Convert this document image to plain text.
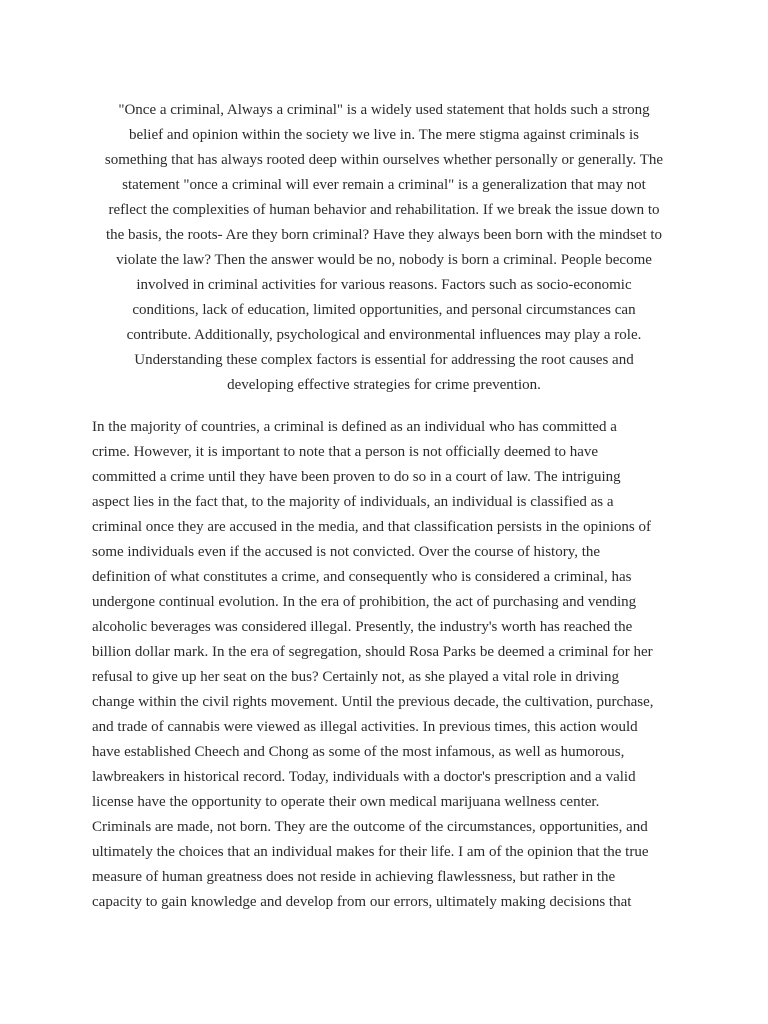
"Once a criminal, Always a criminal" is a widely used statement that holds such a strong
belief and opinion within the society we live in. The mere stigma against criminals is
something that has always rooted deep within ourselves whether personally or generally. The
statement "once a criminal will ever remain a criminal" is a generalization that may not
reflect the complexities of human behavior and rehabilitation. If we break the issue down to
the basis, the roots- Are they born criminal? Have they always been born with the mindset to
violate the law? Then the answer would be no, nobody is born a criminal. People become
involved in criminal activities for various reasons. Factors such as socio-economic
conditions, lack of education, limited opportunities, and personal circumstances can
contribute. Additionally, psychological and environmental influences may play a role.
Understanding these complex factors is essential for addressing the root causes and
developing effective strategies for crime prevention.
In the majority of countries, a criminal is defined as an individual who has committed a
crime. However, it is important to note that a person is not officially deemed to have
committed a crime until they have been proven to do so in a court of law. The intriguing
aspect lies in the fact that, to the majority of individuals, an individual is classified as a
criminal once they are accused in the media, and that classification persists in the opinions of
some individuals even if the accused is not convicted. Over the course of history, the
definition of what constitutes a crime, and consequently who is considered a criminal, has
undergone continual evolution. In the era of prohibition, the act of purchasing and vending
alcoholic beverages was considered illegal. Presently, the industry's worth has reached the
billion dollar mark. In the era of segregation, should Rosa Parks be deemed a criminal for her
refusal to give up her seat on the bus? Certainly not, as she played a vital role in driving
change within the civil rights movement. Until the previous decade, the cultivation, purchase,
and trade of cannabis were viewed as illegal activities. In previous times, this action would
have established Cheech and Chong as some of the most infamous, as well as humorous,
lawbreakers in historical record. Today, individuals with a doctor's prescription and a valid
license have the opportunity to operate their own medical marijuana wellness center.
Criminals are made, not born. They are the outcome of the circumstances, opportunities, and
ultimately the choices that an individual makes for their life. I am of the opinion that the true
measure of human greatness does not reside in achieving flawlessness, but rather in the
capacity to gain knowledge and develop from our errors, ultimately making decisions that
